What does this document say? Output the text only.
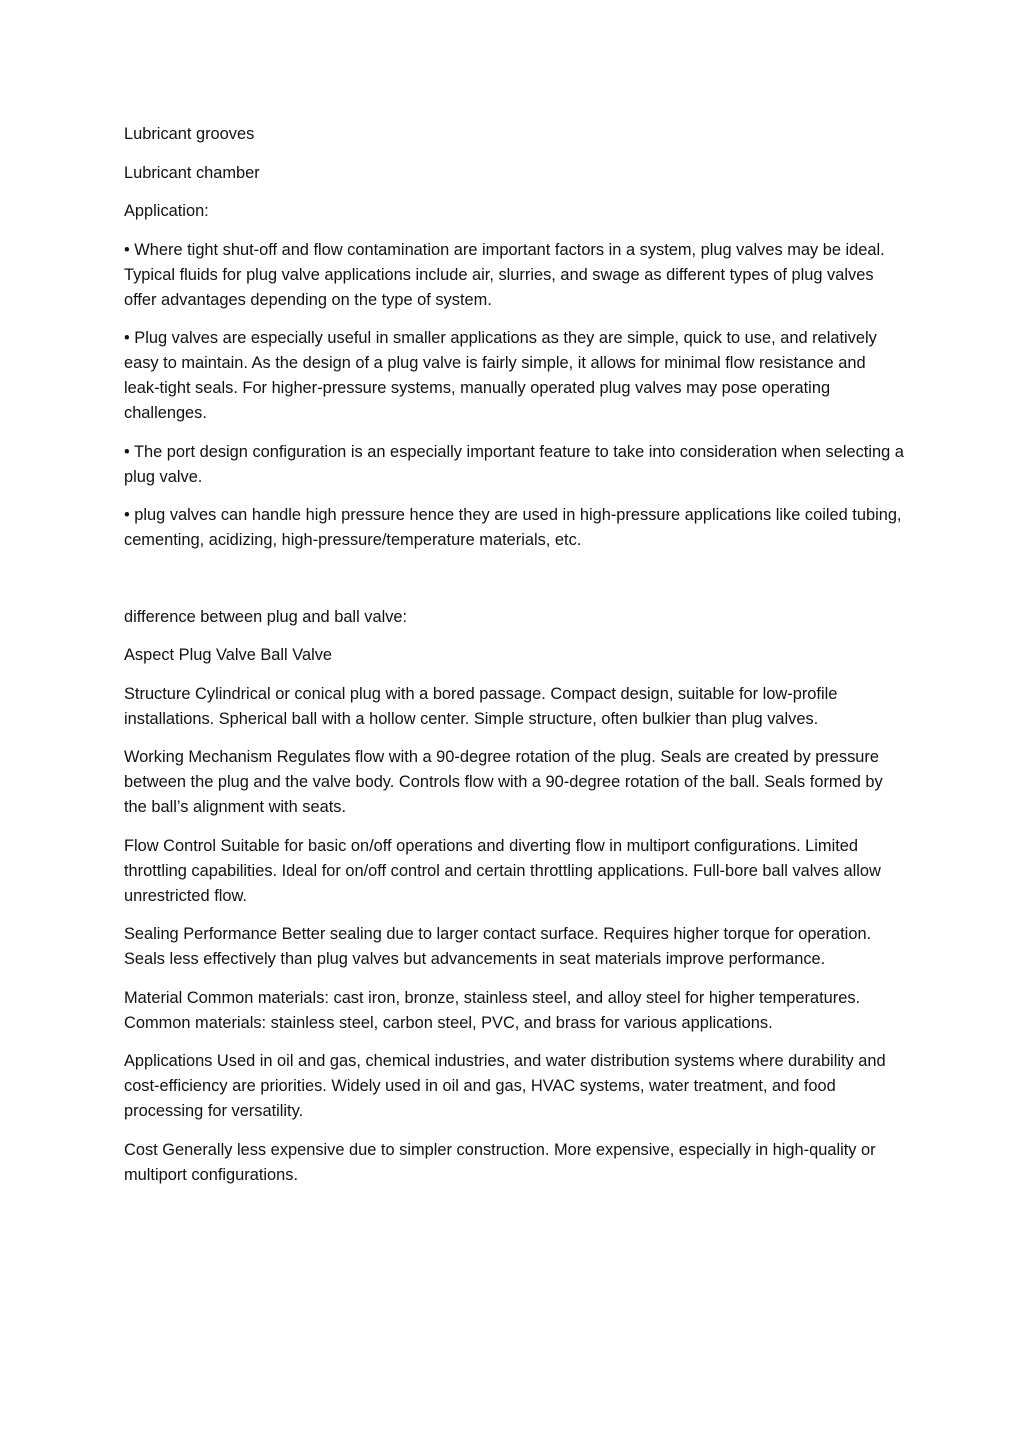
Lubricant grooves

Lubricant chamber

Application:

• Where tight shut-off and flow contamination are important factors in a system, plug valves may be ideal. Typical fluids for plug valve applications include air, slurries, and swage as different types of plug valves offer advantages depending on the type of system.

• Plug valves are especially useful in smaller applications as they are simple, quick to use, and relatively easy to maintain. As the design of a plug valve is fairly simple, it allows for minimal flow resistance and leak-tight seals. For higher-pressure systems, manually operated plug valves may pose operating challenges.

• The port design configuration is an especially important feature to take into consideration when selecting a plug valve.

• plug valves can handle high pressure hence they are used in high-pressure applications like coiled tubing, cementing, acidizing, high-pressure/temperature materials, etc.

difference between plug and ball valve:

Aspect Plug Valve Ball Valve

Structure Cylindrical or conical plug with a bored passage. Compact design, suitable for low-profile installations. Spherical ball with a hollow center. Simple structure, often bulkier than plug valves.

Working Mechanism Regulates flow with a 90-degree rotation of the plug. Seals are created by pressure between the plug and the valve body. Controls flow with a 90-degree rotation of the ball. Seals formed by the ball’s alignment with seats.

Flow Control Suitable for basic on/off operations and diverting flow in multiport configurations. Limited throttling capabilities. Ideal for on/off control and certain throttling applications. Full-bore ball valves allow unrestricted flow.

Sealing Performance Better sealing due to larger contact surface. Requires higher torque for operation. Seals less effectively than plug valves but advancements in seat materials improve performance.

Material Common materials: cast iron, bronze, stainless steel, and alloy steel for higher temperatures. Common materials: stainless steel, carbon steel, PVC, and brass for various applications.

Applications Used in oil and gas, chemical industries, and water distribution systems where durability and cost-efficiency are priorities. Widely used in oil and gas, HVAC systems, water treatment, and food processing for versatility.

Cost Generally less expensive due to simpler construction. More expensive, especially in high-quality or multiport configurations.
